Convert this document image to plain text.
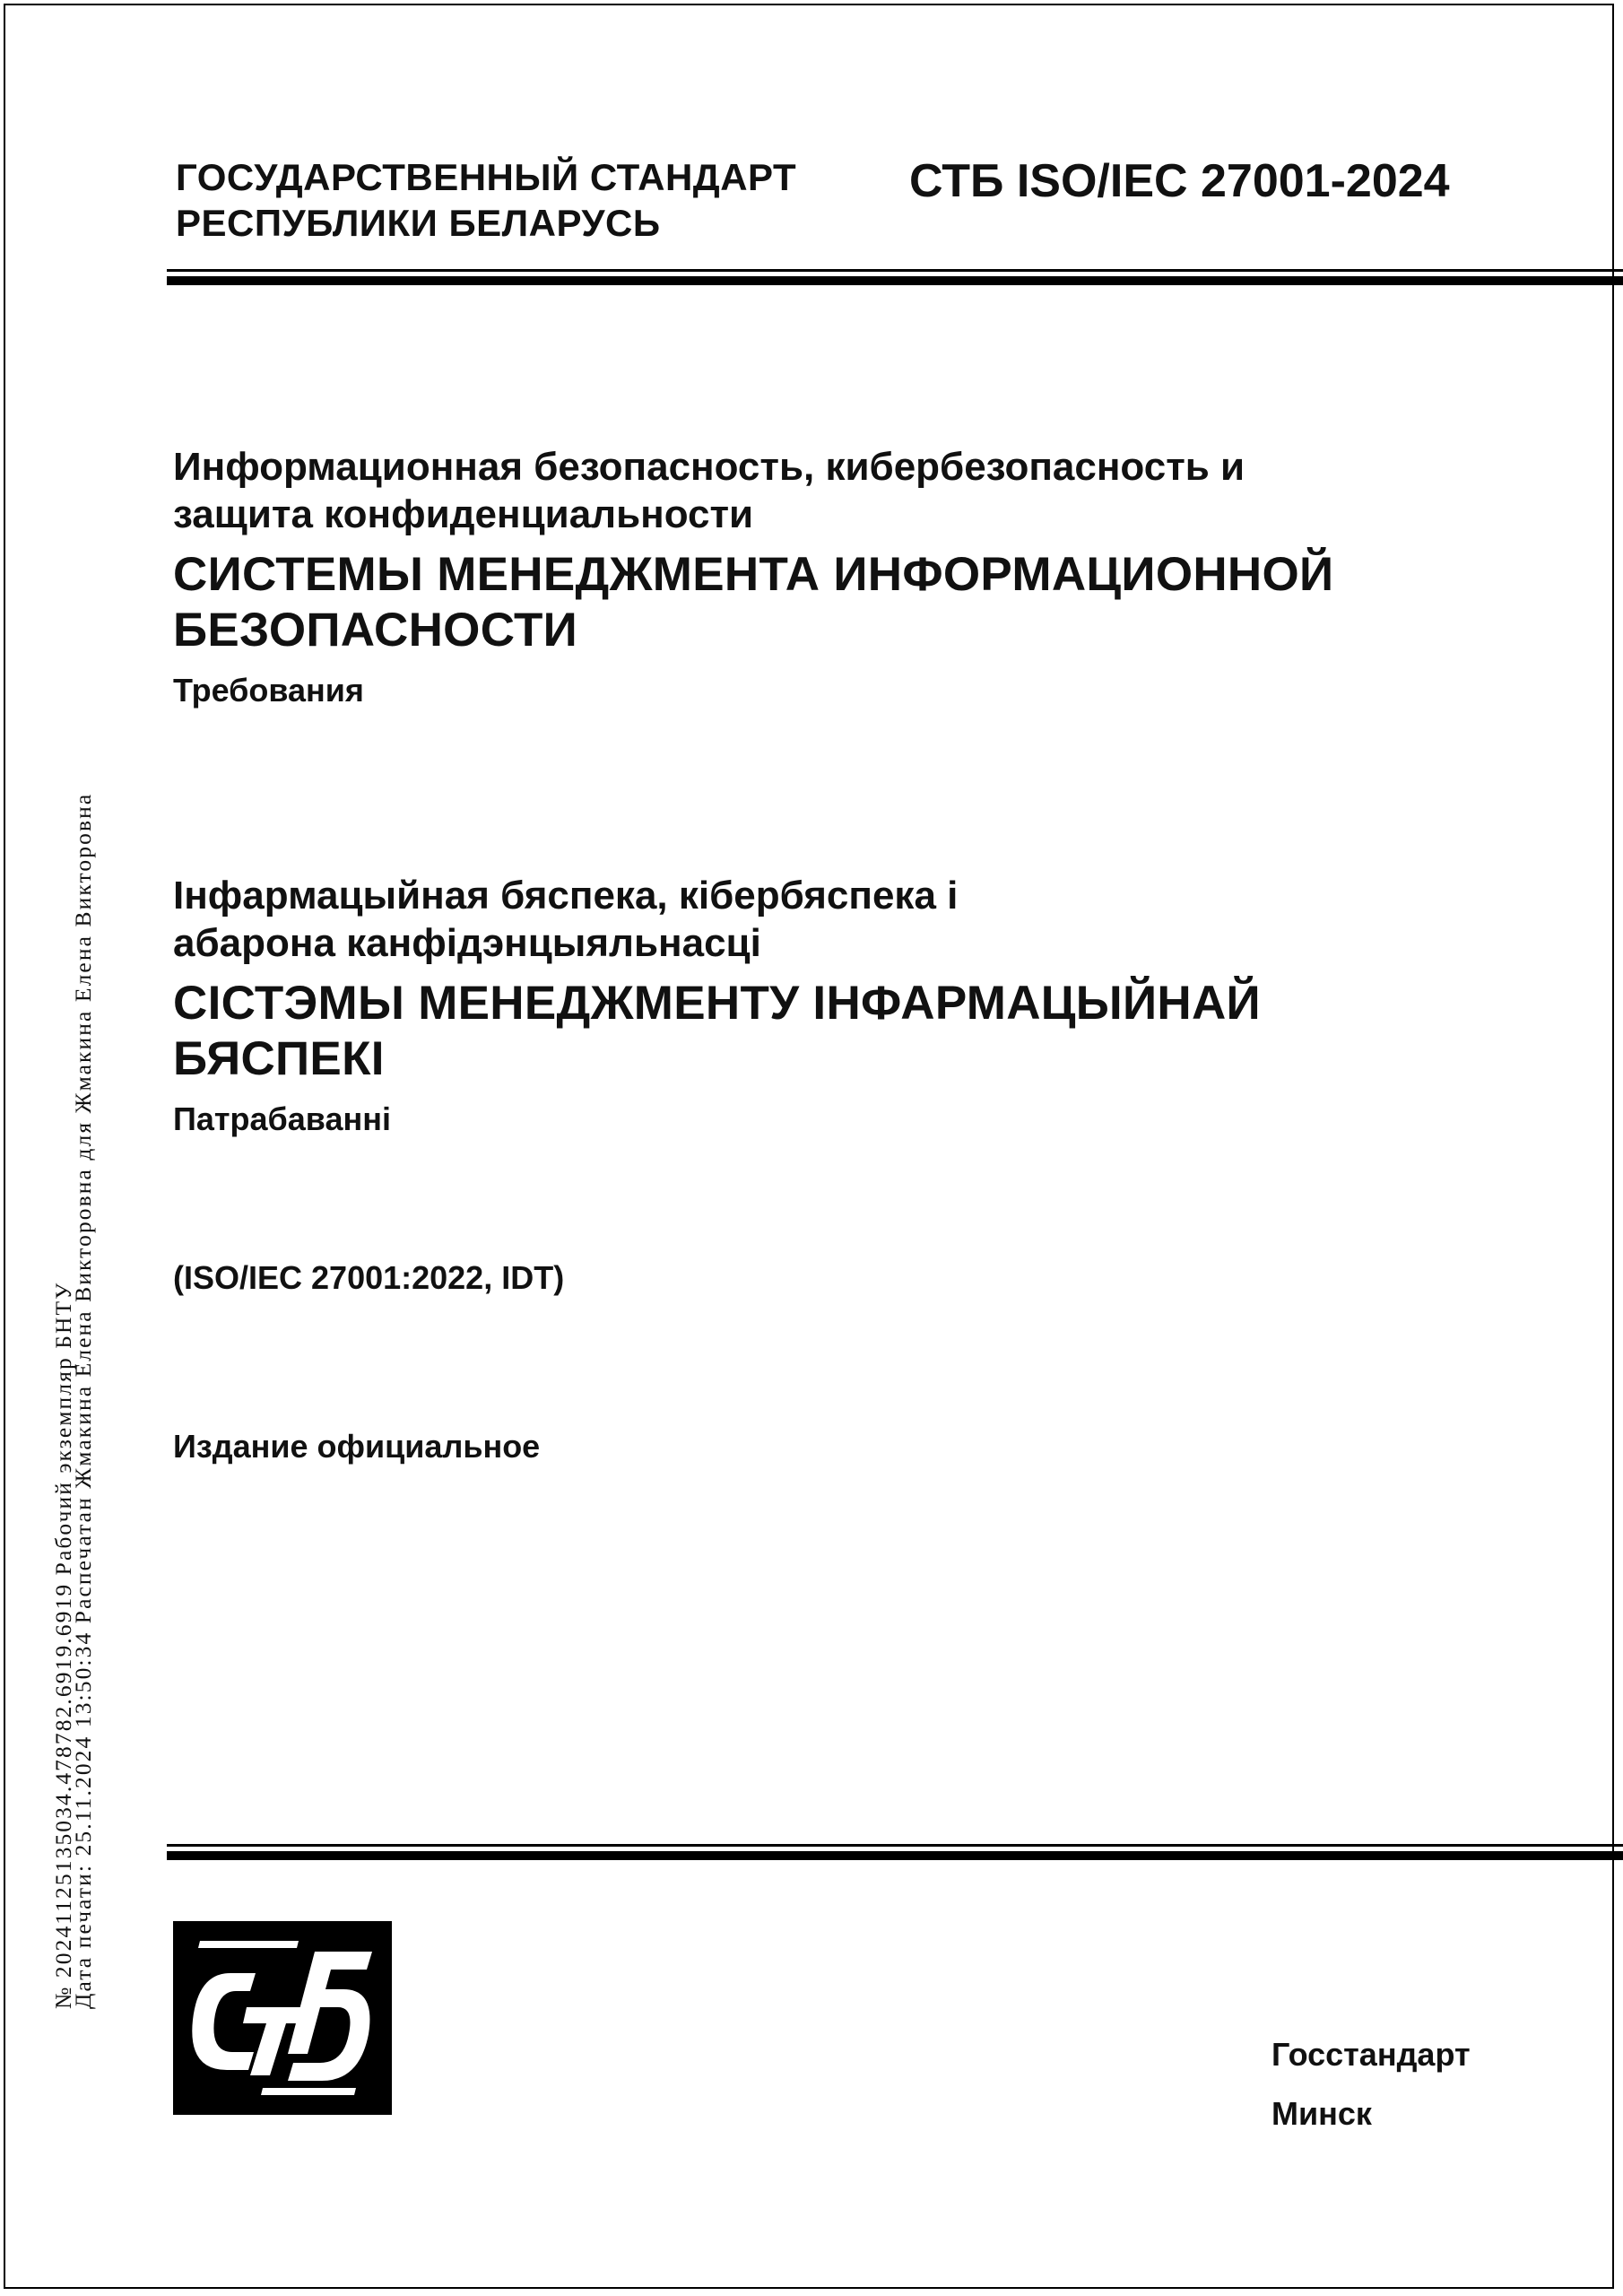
ГОСУДАРСТВЕННЫЙ СТАНДАРТ
РЕСПУБЛИКИ БЕЛАРУСЬ
СТБ ISO/IEC 27001-2024
Информационная безопасность, кибербезопасность и
защита конфиденциальности
СИСТЕМЫ МЕНЕДЖМЕНТА ИНФОРМАЦИОННОЙ
БЕЗОПАСНОСТИ
Требования
Інфармацыйная бяспека, кібербяспека і
абарона канфідэнцыяльнасці
СІСТЭМЫ МЕНЕДЖМЕНТУ ІНФАРМАЦЫЙНАЙ
БЯСПЕКІ
Патрабаванні
(ISO/IEC 27001:2022, IDT)
Издание официальное
№ 20241125135034.478782.6919.6919 Рабочий экземпляр БНТУ
Дата печати: 25.11.2024 13:50:34 Распечатан Жмакина Елена Викторовна для Жмакина Елена Викторовна
Госстандарт
Минск
